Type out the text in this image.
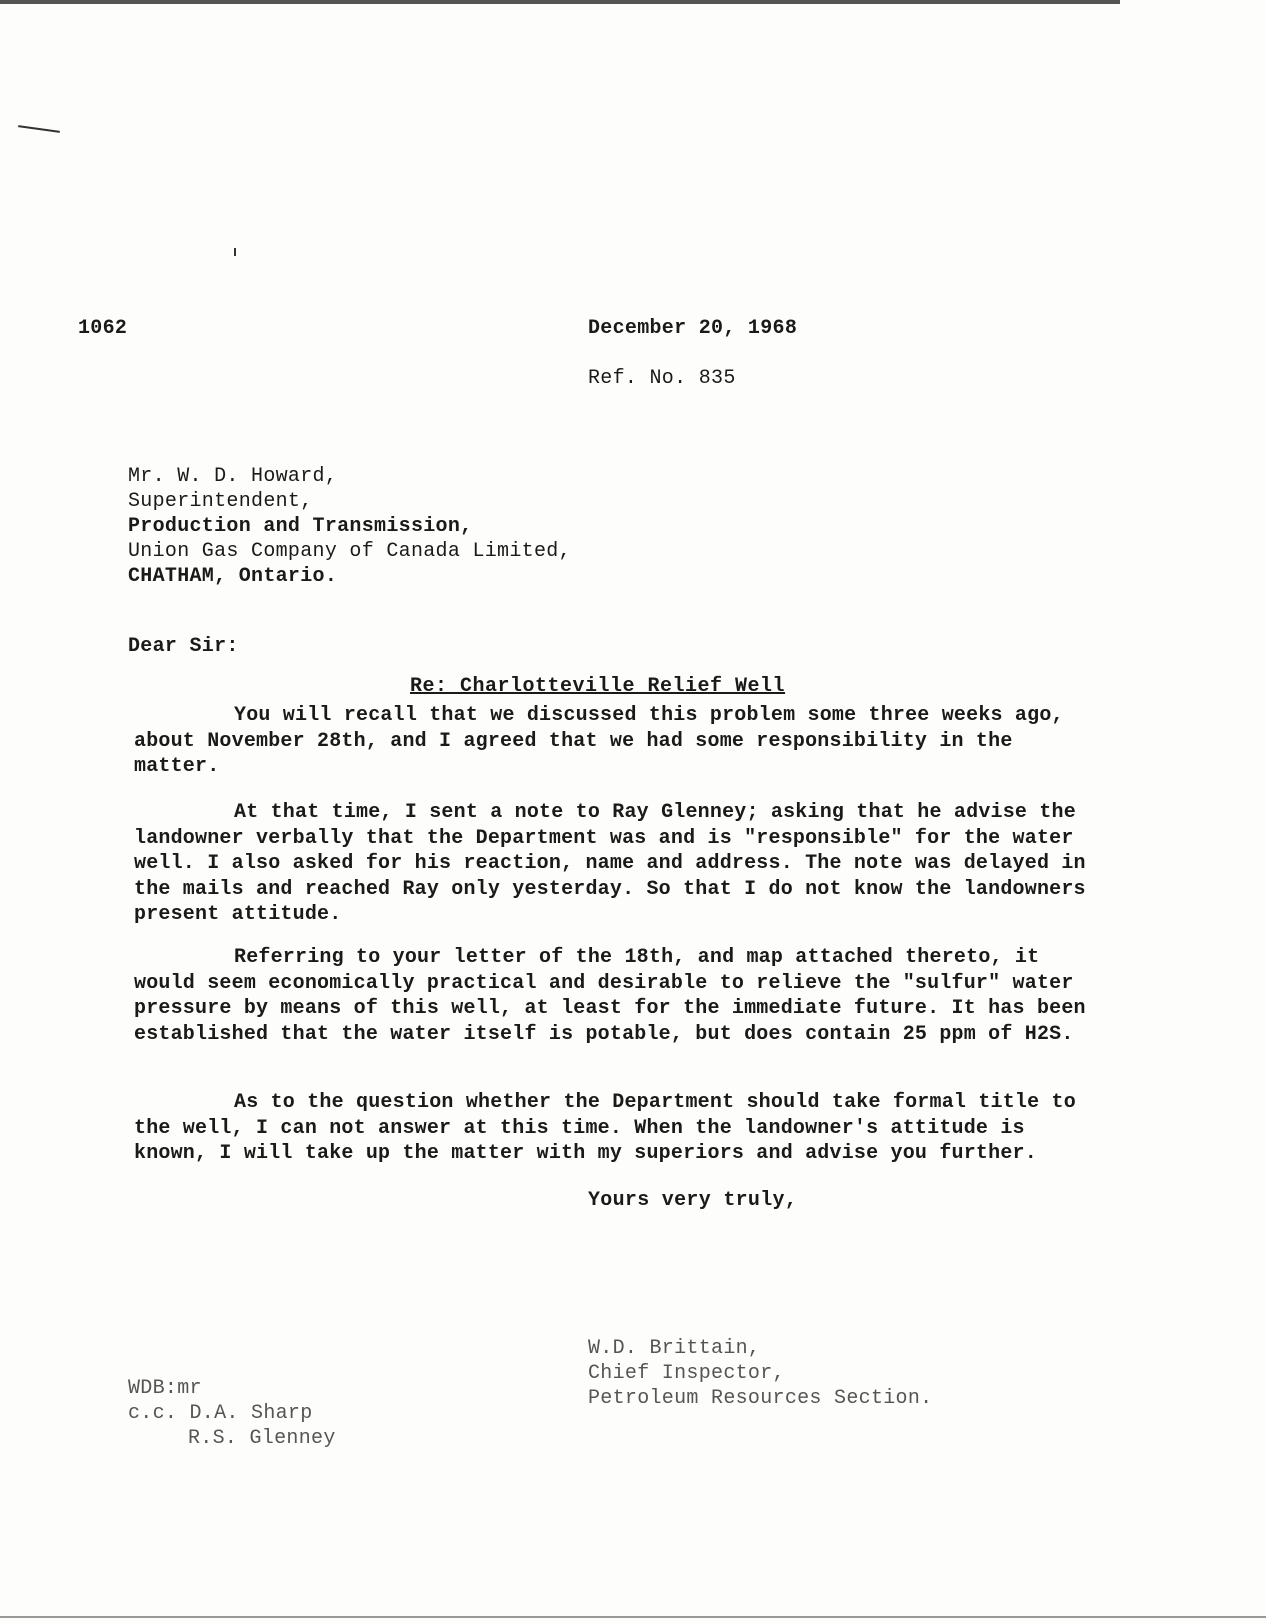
1062	December 20, 1968
Ref. No. 835
Mr. W. D. Howard,
Superintendent,
Production and Transmission,
Union Gas Company of Canada Limited,
CHATHAM, Ontario.
Dear Sir:
Re: Charlotteville Relief Well
You will recall that we discussed this problem some three weeks ago, about November 28th, and I agreed that we had some responsibility in the matter.
At that time, I sent a note to Ray Glenney; asking that he advise the landowner verbally that the Department was and is "responsible" for the water well. I also asked for his reaction, name and address. The note was delayed in the mails and reached Ray only yesterday. So that I do not know the landowners present attitude.
Referring to your letter of the 18th, and map attached thereto, it would seem economically practical and desirable to relieve the "sulfur" water pressure by means of this well, at least for the immediate future. It has been established that the water itself is potable, but does contain 25 ppm of H2S.
As to the question whether the Department should take formal title to the well, I can not answer at this time. When the landowner's attitude is known, I will take up the matter with my superiors and advise you further.
Yours very truly,
W.D. Brittain,
Chief Inspector,
Petroleum Resources Section.
WDB:mr
c.c. D.A. Sharp
R.S. Glenney
